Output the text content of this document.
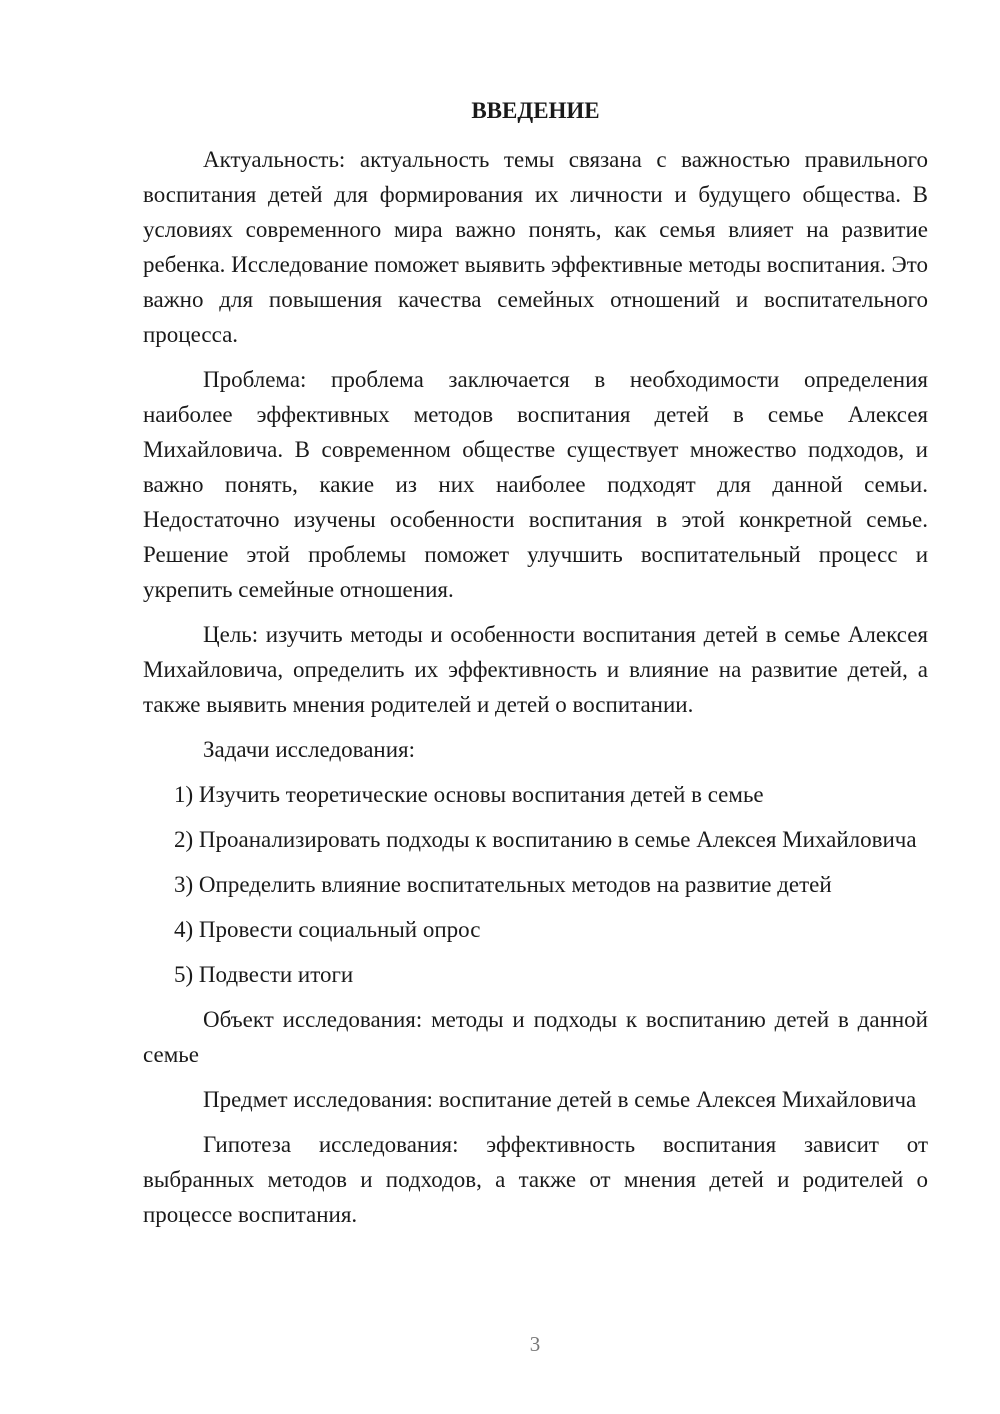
ВВЕДЕНИЕ

Актуальность: актуальность темы связана с важностью правильного воспитания детей для формирования их личности и будущего общества. В условиях современного мира важно понять, как семья влияет на развитие ребенка. Исследование поможет выявить эффективные методы воспитания. Это важно для повышения качества семейных отношений и воспитательного процесса.

Проблема: проблема заключается в необходимости определения наиболее эффективных методов воспитания детей в семье Алексея Михайловича. В современном обществе существует множество подходов, и важно понять, какие из них наиболее подходят для данной семьи. Недостаточно изучены особенности воспитания в этой конкретной семье. Решение этой проблемы поможет улучшить воспитательный процесс и укрепить семейные отношения.

Цель: изучить методы и особенности воспитания детей в семье Алексея Михайловича, определить их эффективность и влияние на развитие детей, а также выявить мнения родителей и детей о воспитании.

Задачи исследования:

1) Изучить теоретические основы воспитания детей в семье
2) Проанализировать подходы к воспитанию в семье Алексея Михайловича
3) Определить влияние воспитательных методов на развитие детей
4) Провести социальный опрос
5) Подвести итоги

Объект исследования: методы и подходы к воспитанию детей в данной семье

Предмет исследования: воспитание детей в семье Алексея Михайловича

Гипотеза исследования: эффективность воспитания зависит от выбранных методов и подходов, а также от мнения детей и родителей о процессе воспитания.

3
